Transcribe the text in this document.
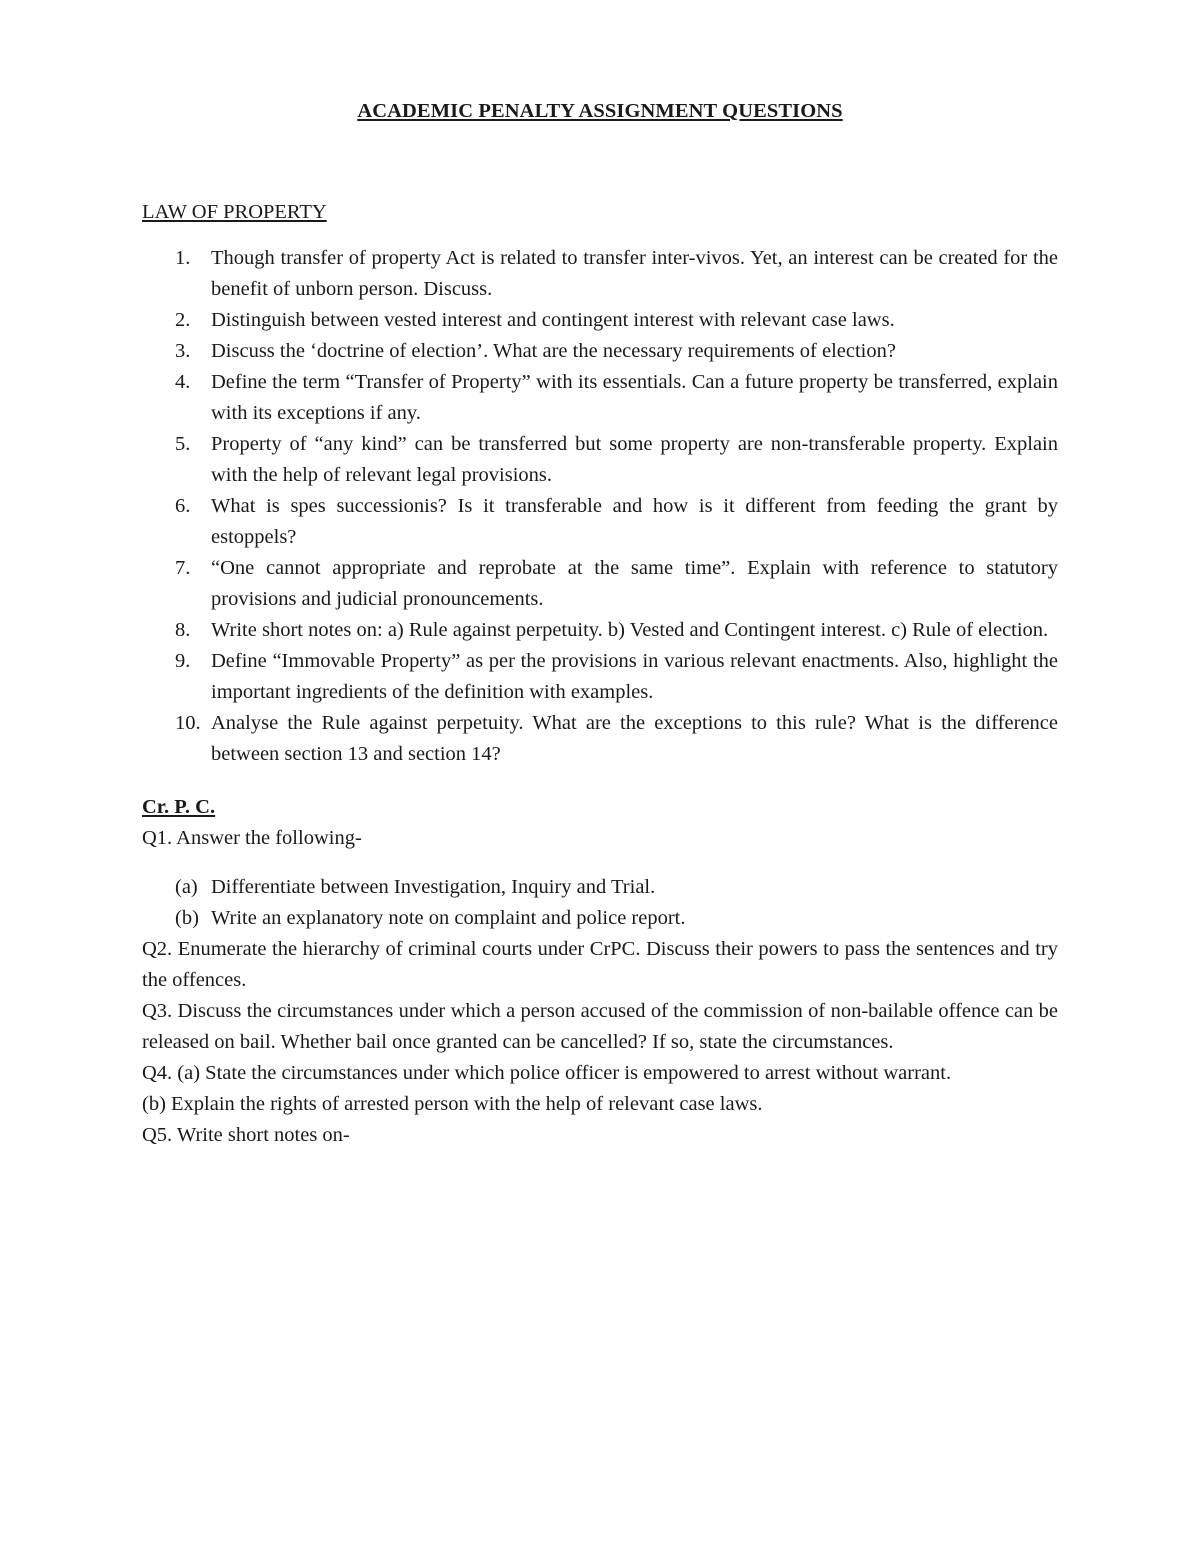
ACADEMIC PENALTY ASSIGNMENT QUESTIONS
LAW OF PROPERTY
1. Though transfer of property Act is related to transfer inter-vivos. Yet, an interest can be created for the benefit of unborn person. Discuss.
2. Distinguish between vested interest and contingent interest with relevant case laws.
3. Discuss the ‘doctrine of election’. What are the necessary requirements of election?
4. Define the term “Transfer of Property” with its essentials. Can a future property be transferred, explain with its exceptions if any.
5. Property of “any kind” can be transferred but some property are non-transferable property. Explain with the help of relevant legal provisions.
6. What is spes successionis? Is it transferable and how is it different from feeding the grant by estoppels?
7. “One cannot appropriate and reprobate at the same time”. Explain with reference to statutory provisions and judicial pronouncements.
8. Write short notes on: a) Rule against perpetuity. b) Vested and Contingent interest. c) Rule of election.
9. Define “Immovable Property” as per the provisions in various relevant enactments. Also, highlight the important ingredients of the definition with examples.
10. Analyse the Rule against perpetuity. What are the exceptions to this rule? What is the difference between section 13 and section 14?
Cr. P. C.

Q1. Answer the following-

(a) Differentiate between Investigation, Inquiry and Trial.
(b) Write an explanatory note on complaint and police report.

Q2. Enumerate the hierarchy of criminal courts under CrPC. Discuss their powers to pass the sentences and try the offences.

Q3. Discuss the circumstances under which a person accused of the commission of non-bailable offence can be released on bail. Whether bail once granted can be cancelled? If so, state the circumstances.

Q4. (a) State the circumstances under which police officer is empowered to arrest without warrant.

(b) Explain the rights of arrested person with the help of relevant case laws.

Q5. Write short notes on-
